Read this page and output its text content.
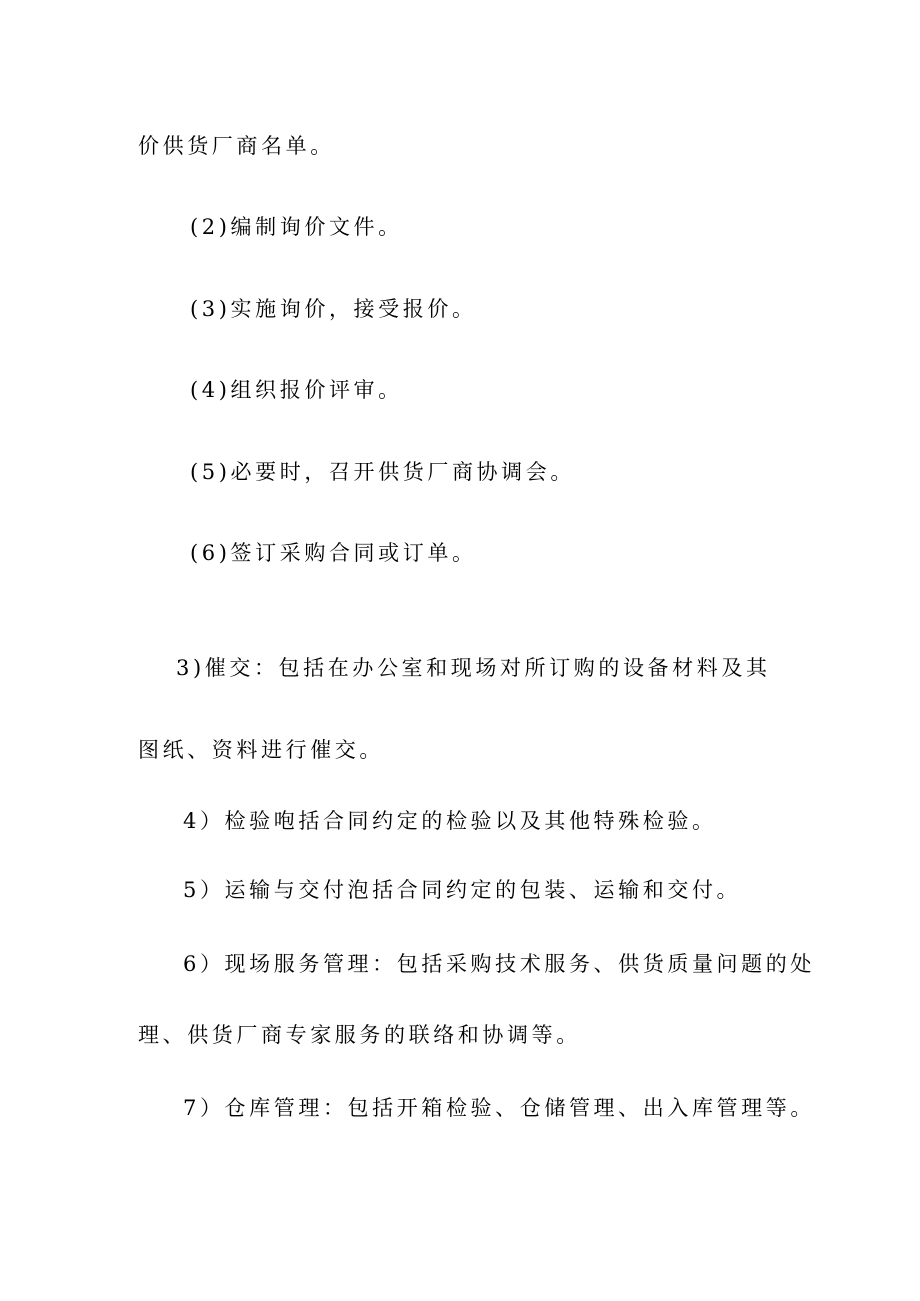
价供货厂商名单。
(2)编制询价文件。
(3)实施询价，接受报价。
(4)组织报价评审。
(5)必要时，召开供货厂商协调会。
(6)签订采购合同或订单。
3)催交：包括在办公室和现场对所订购的设备材料及其
图纸、资料进行催交。
4）检验咆括合同约定的检验以及其他特殊检验。
5）运输与交付泡括合同约定的包装、运输和交付。
6）现场服务管理：包括采购技术服务、供货质量问题的处
理、供货厂商专家服务的联络和协调等。
7）仓库管理：包括开箱检验、仓储管理、出入库管理等。
